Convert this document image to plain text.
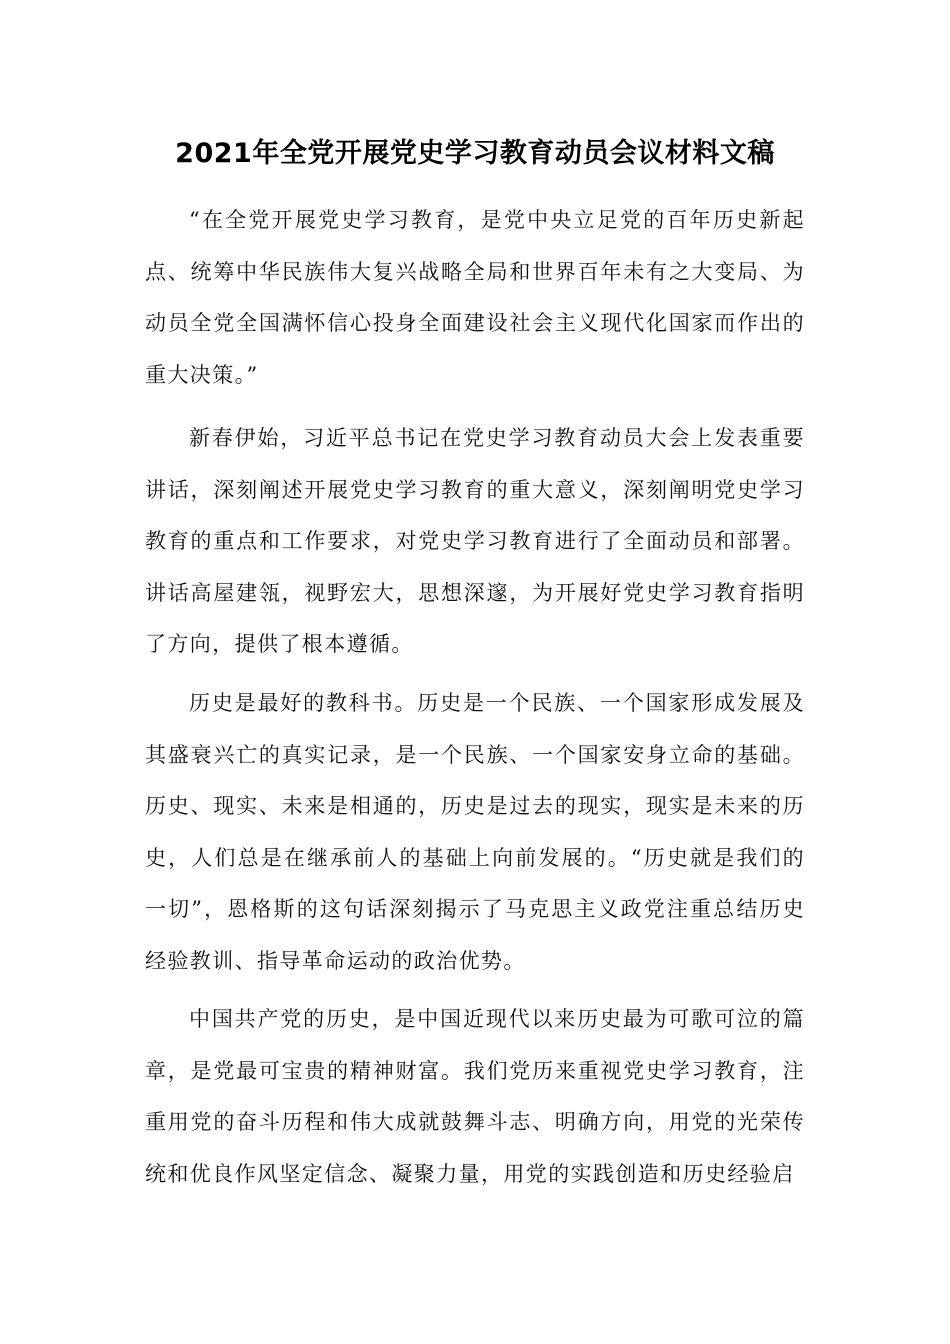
2021年全党开展党史学习教育动员会议材料文稿

“在全党开展党史学习教育，是党中央立足党的百年历史新起点、统筹中华民族伟大复兴战略全局和世界百年未有之大变局、为动员全党全国满怀信心投身全面建设社会主义现代化国家而作出的重大决策。”

新春伊始，习近平总书记在党史学习教育动员大会上发表重要讲话，深刻阐述开展党史学习教育的重大意义，深刻阐明党史学习教育的重点和工作要求，对党史学习教育进行了全面动员和部署。讲话高屋建瓴，视野宏大，思想深邃，为开展好党史学习教育指明了方向，提供了根本遵循。

历史是最好的教科书。历史是一个民族、一个国家形成发展及其盛衰兴亡的真实记录，是一个民族、一个国家安身立命的基础。历史、现实、未来是相通的，历史是过去的现实，现实是未来的历史，人们总是在继承前人的基础上向前发展的。“历史就是我们的一切”，恩格斯的这句话深刻揭示了马克思主义政党注重总结历史经验教训、指导革命运动的政治优势。

中国共产党的历史，是中国近现代以来历史最为可歌可泣的篇章，是党最可宝贵的精神财富。我们党历来重视党史学习教育，注重用党的奋斗历程和伟大成就鼓舞斗志、明确方向，用党的光荣传统和优良作风坚定信念、凝聚力量，用党的实践创造和历史经验启
